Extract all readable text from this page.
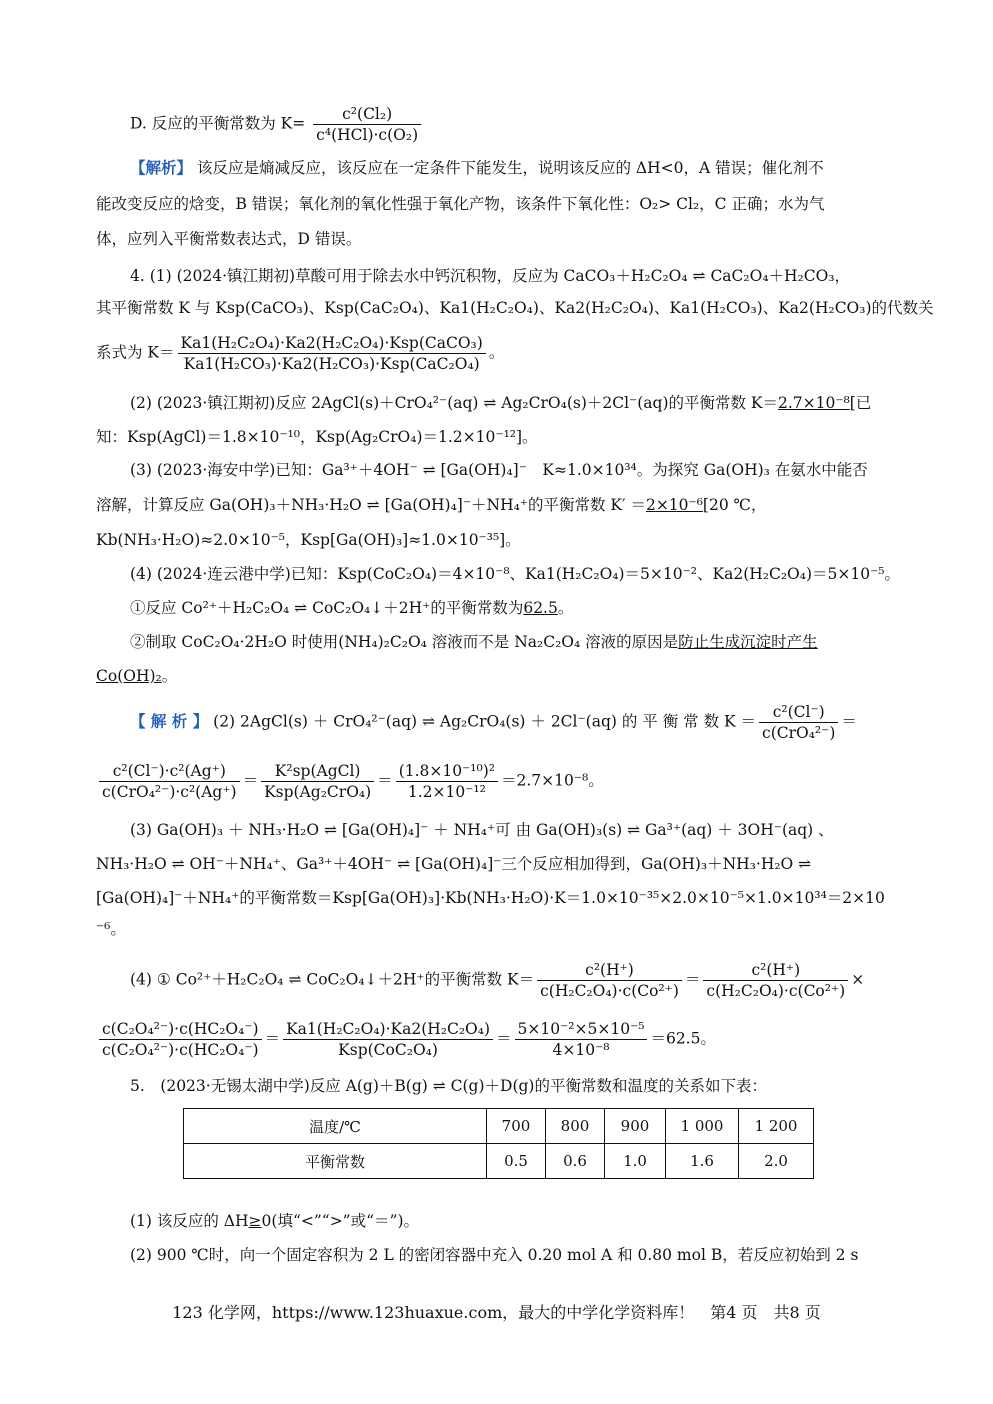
D. 反应的平衡常数为 $K= \frac{\text{c²(Cl₂)}}{\text{c⁴(HCl)·c(O₂)}}$
【解析】 该反应是熵减反应，该反应在一定条件下能发生，说明该反应的 ΔH<0，A 错误；催化剂不
能改变反应的焓变，B 错误；氧化剂的氧化性强于氧化产物，该条件下氧化性：O₂> Cl₂，C 正确；水为气
体，应列入平衡常数表达式，D 错误。
4. (1) (2024·镇江期初)草酸可用于除去水中钙沉积物，反应为 CaCO₃＋H₂C₂O₄ ⇌ CaC₂O₄＋H₂CO₃，
其平衡常数 K 与 Ksp(CaCO₃)、Ksp(CaC₂O₄)、Ka1(H₂C₂O₄)、Ka2(H₂C₂O₄)、Ka1(H₂CO₃)、Ka2(H₂CO₃)的代数关
系式为 $K= \frac{\text{Ka1(H₂C₂O₄)·Ka2(H₂C₂O₄)·Ksp(CaCO₃)}}{\text{Ka1(H₂CO₃)·Ka2(H₂CO₃)·Ksp(CaC₂O₄)}}$ 。
(2) (2023·镇江期初)反应 2AgCl(s)＋CrO₄²⁻(aq) ⇌ Ag₂CrO₄(s)＋2Cl⁻(aq)的平衡常数 K＝2.7×10⁻⁸[已
知：Ksp(AgCl)＝1.8×10⁻¹⁰，Ksp(Ag₂CrO₄)＝1.2×10⁻¹²]。
(3) (2023·海安中学)已知：Ga³⁺＋4OH⁻ ⇌ [Ga(OH)₄]⁻　K≈1.0×10³⁴。为探究 Ga(OH)₃ 在氨水中能否
溶解，计算反应 Ga(OH)₃＋NH₃·H₂O ⇌ [Ga(OH)₄]⁻＋NH₄⁺的平衡常数 K′ ＝2×10⁻⁶[20 ℃，
Kb(NH₃·H₂O)≈2.0×10⁻⁵，Ksp[Ga(OH)₃]≈1.0×10⁻³⁵]。
(4) (2024·连云港中学)已知：Ksp(CoC₂O₄)＝4×10⁻⁸、Ka1(H₂C₂O₄)＝5×10⁻²、Ka2(H₂C₂O₄)＝5×10⁻⁵。
①反应 Co²⁺＋H₂C₂O₄ ⇌ CoC₂O₄↓＋2H⁺的平衡常数为62.5。
②制取 CoC₂O₄·2H₂O 时使用(NH₄)₂C₂O₄ 溶液而不是 Na₂C₂O₄ 溶液的原因是防止生成沉淀时产生
Co(OH)₂。
【 解 析 】 (2) 2AgCl(s) ＋ CrO₄²⁻(aq) ⇌ Ag₂CrO₄(s) ＋ 2Cl⁻(aq) 的 平 衡 常 数 $K = \frac{\text{c²(Cl⁻)}}{\text{c(CrO₄²⁻)}}$ ＝
$\frac{\text{c²(Cl⁻)·c²(Ag⁺)}}{\text{c(CrO₄²⁻)·c²(Ag⁺)}} = \frac{\text{K²sp(AgCl)}}{\text{Ksp(Ag₂CrO₄)}} = \frac{\text{(1.8×10⁻¹⁰)²}}{\text{1.2×10⁻¹²}} =2.7\times 10^{-8}$。
(3) Ga(OH)₃ ＋ NH₃·H₂O ⇌ [Ga(OH)₄]⁻ ＋ NH₄⁺可 由 Ga(OH)₃(s) ⇌ Ga³⁺(aq) ＋ 3OH⁻(aq) 、
NH₃·H₂O ⇌ OH⁻＋NH₄⁺、Ga³⁺＋4OH⁻ ⇌ [Ga(OH)₄]⁻三个反应相加得到，Ga(OH)₃＋NH₃·H₂O ⇌
[Ga(OH)₄]⁻＋NH₄⁺的平衡常数＝Ksp[Ga(OH)₃]·Kb(NH₃·H₂O)·K＝1.0×10⁻³⁵×2.0×10⁻⁵×1.0×10³⁴＝2×10
⁻⁶。
(4) ① Co²⁺＋H₂C₂O₄ ⇌ CoC₂O₄↓＋2H⁺的平衡常数 $K= \frac{\text{c²(H⁺)}}{\text{c(H₂C₂O₄)·c(Co²⁺)}} = \frac{\text{c²(H⁺)}}{\text{c(H₂C₂O₄)·c(Co²⁺)}}$ ×
$\frac{\text{c(C₂O₄²⁻)·c(HC₂O₄⁻)}}{\text{c(C₂O₄²⁻)·c(HC₂O₄⁻)}} = \frac{\text{Ka1(H₂C₂O₄)·Ka2(H₂C₂O₄)}}{\text{Ksp(CoC₂O₄)}} = \frac{\text{5×10⁻²×5×10⁻⁵}}{\text{4×10⁻⁸}} =62.5$。
5.　(2023·无锡太湖中学)反应 A(g)＋B(g) ⇌ C(g)＋D(g)的平衡常数和温度的关系如下表：
温度/℃	700	800	900	1 000	1 200
平衡常数	0.5	0.6	1.0	1.6	2.0
(1) 该反应的 ΔH≥0(填“<”“>”或“＝”)。
(2) 900 ℃时，向一个固定容积为 2 L 的密闭容器中充入 0.20 mol A 和 0.80 mol B，若反应初始到 2 s
123 化学网，https://www.123huaxue.com，最大的中学化学资料库！　第4 页　共8 页
